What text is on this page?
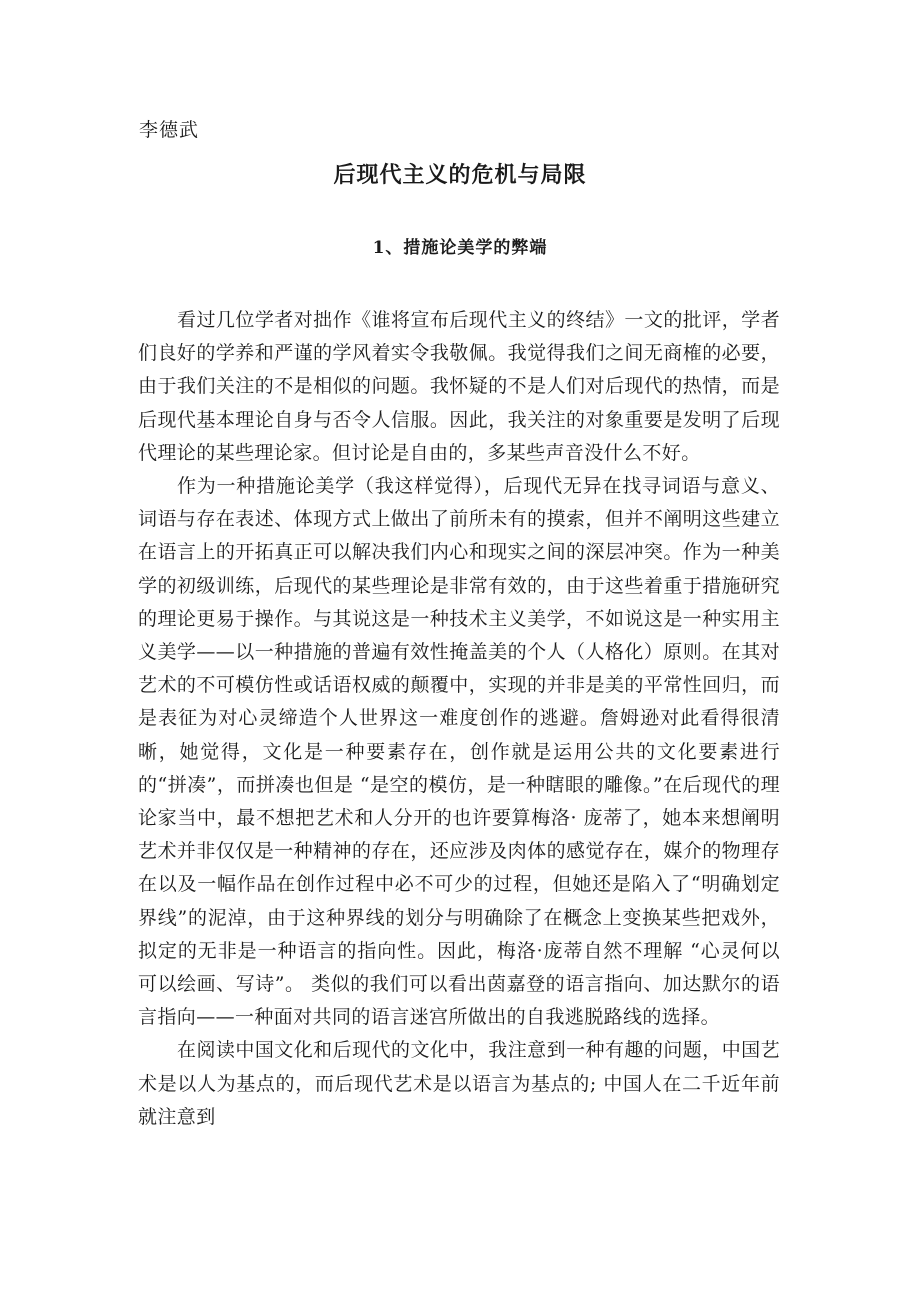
李德武
后现代主义的危机与局限
1、措施论美学的弊端

看过几位学者对拙作《谁将宣布后现代主义的终结》一文的批评，学者们良好的学养和严谨的学风着实令我敬佩。我觉得我们之间无商榷的必要，由于我们关注的不是相似的问题。我怀疑的不是人们对后现代的热情，而是后现代基本理论自身与否令人信服。因此，我关注的对象重要是发明了后现代理论的某些理论家。但讨论是自由的，多某些声音没什么不好。

作为一种措施论美学（我这样觉得），后现代无异在找寻词语与意义、词语与存在表述、体现方式上做出了前所未有的摸索，但并不阐明这些建立在语言上的开拓真正可以解决我们内心和现实之间的深层冲突。作为一种美学的初级训练，后现代的某些理论是非常有效的，由于这些着重于措施研究的理论更易于操作。与其说这是一种技术主义美学，不如说这是一种实用主义美学——以一种措施的普遍有效性掩盖美的个人（人格化）原则。在其对艺术的不可模仿性或话语权威的颠覆中，实现的并非是美的平常性回归，而是表征为对心灵缔造个人世界这一难度创作的逃避。詹姆逊对此看得很清晰，她觉得，文化是一种要素存在，创作就是运用公共的文化要素进行的“拼凑”，而拼凑也但是 “是空的模仿，是一种瞎眼的雕像。”在后现代的理论家当中，最不想把艺术和人分开的也许要算梅洛· 庞蒂了，她本来想阐明艺术并非仅仅是一种精神的存在，还应涉及肉体的感觉存在，媒介的物理存在以及一幅作品在创作过程中必不可少的过程，但她还是陷入了“明确划定界线”的泥淖，由于这种界线的划分与明确除了在概念上变换某些把戏外，拟定的无非是一种语言的指向性。因此，梅洛·庞蒂自然不理解 “心灵何以可以绘画、写诗”。 类似的我们可以看出茵嘉登的语言指向、加达默尔的语言指向——一种面对共同的语言迷宫所做出的自我逃脱路线的选择。

在阅读中国文化和后现代的文化中，我注意到一种有趣的问题，中国艺术是以人为基点的，而后现代艺术是以语言为基点的; 中国人在二千近年前就注意到
